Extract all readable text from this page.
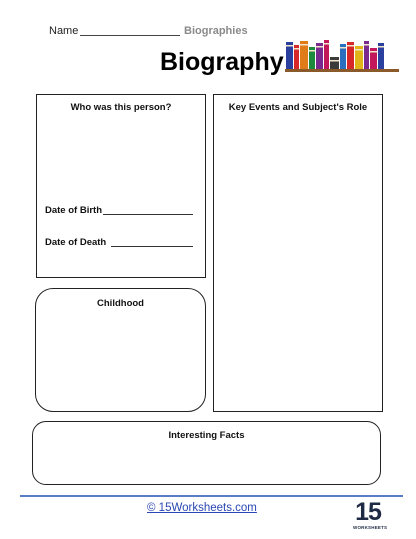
Name	Biographies
Biography
Who was this person?
Date of Birth
Date of Death
Key Events and Subject's Role
Childhood
Interesting Facts
© 15Worksheets.com	15
WORKSHEETS
